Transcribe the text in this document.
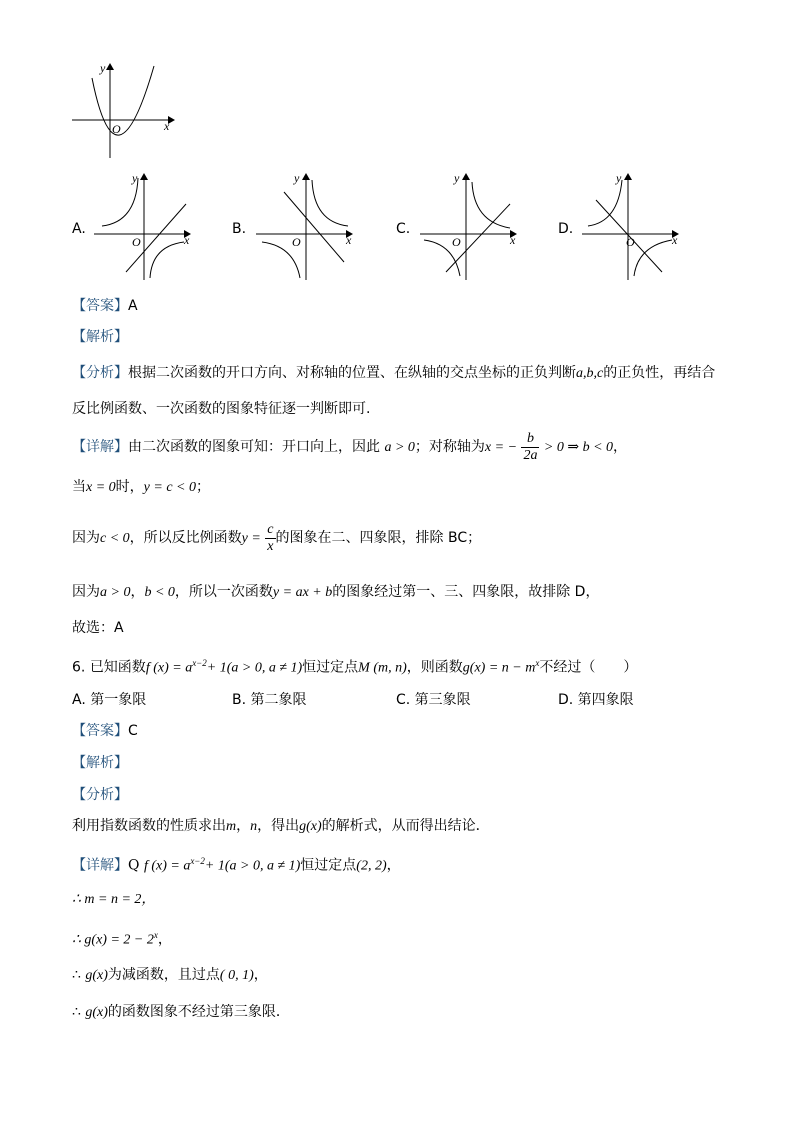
y
x
O
A.
y
x
O
B.
y
x
O
C.
y
x
O
D.
y
x
O
【答案】A
【解析】
【分析】根据二次函数的开口方向、对称轴的位置、在纵轴的交点坐标的正负判断a,b,c的正负性，再结合
反比例函数、一次函数的图象特征逐一判断即可.
【详解】由二次函数的图象可知：开口向上，因此 a > 0；对称轴为x = − $\frac{b}{2a} > 0$ ⇒ b < 0，
当x = 0时，y = c < 0；
因为c < 0，所以反比例函数$y = \frac{c}{x}$ 的图象在二、四象限，排除 BC；
因为a > 0，b < 0，所以一次函数y = ax + b的图象经过第一、三、四象限，故排除 D，
故选：A
6. 已知函数f $(x) = a^{x-2}+ 1(a > 0$, a ≠ 1)恒过定点M (m, n)，则函数$g(x) = n - m^x$不经过（　　）
A. 第一象限	B. 第二象限	C. 第三象限	D. 第四象限
【答案】C
【解析】
【分析】
利用指数函数的性质求出m，n，得出g(x)的解析式，从而得出结论．
【详解】Q f $(x) = a^{x-2}+ 1(a > 0$, a ≠ 1)恒过定点(2, 2)，
∴ m = n = 2，
∴ $g(x) = 2 - 2^x$，
∴ g(x)为减函数，且过点( 0, 1)，
∴ g(x)的函数图象不经过第三象限．
